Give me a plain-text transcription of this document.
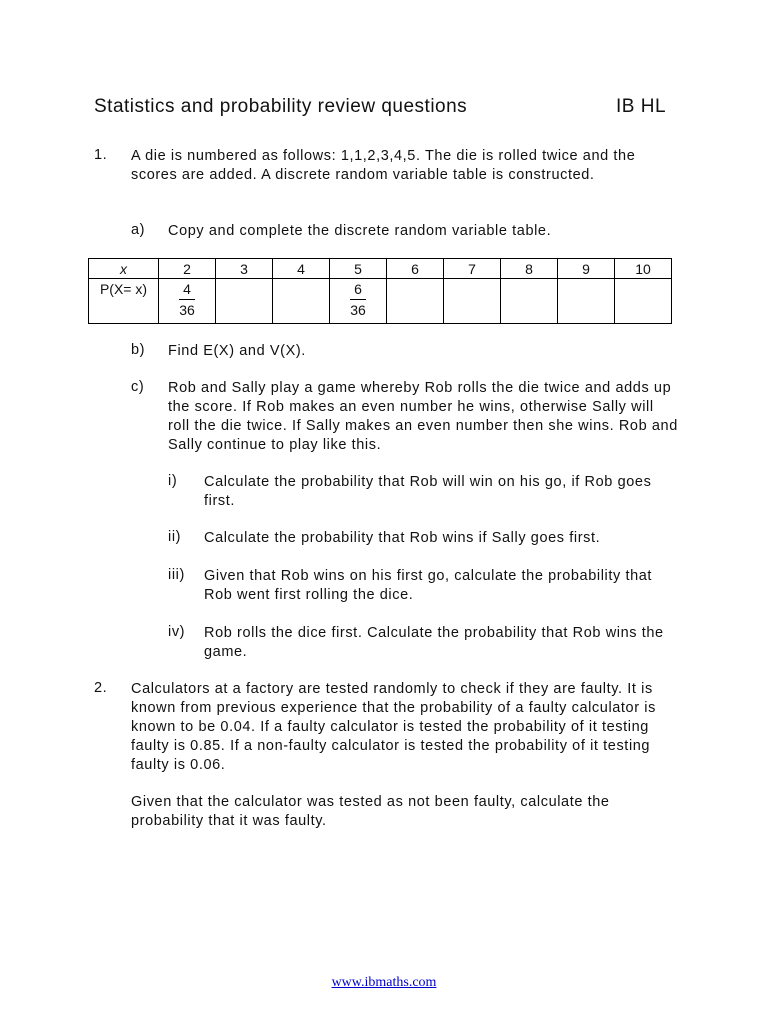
Statistics and probability review questions	IB HL
1. A die is numbered as follows: 1,1,2,3,4,5. The die is rolled twice and the scores are added. A discrete random variable table is constructed.
a) Copy and complete the discrete random variable table.
x	2	3	4	5	6	7	8	9	10
P(X= x)	$\frac{4}{36}$			$\frac{6}{36}$

b) Find E(X) and V(X).
c) Rob and Sally play a game whereby Rob rolls the die twice and adds up the score. If Rob makes an even number he wins, otherwise Sally will roll the die twice. If Sally makes an even number then she wins. Rob and Sally continue to play like this.
i) Calculate the probability that Rob will win on his go, if Rob goes first.
ii) Calculate the probability that Rob wins if Sally goes first.
iii) Given that Rob wins on his first go, calculate the probability that Rob went first rolling the dice.
iv) Rob rolls the dice first. Calculate the probability that Rob wins the game.
2. Calculators at a factory are tested randomly to check if they are faulty. It is known from previous experience that the probability of a faulty calculator is known to be 0.04. If a faulty calculator is tested the probability of it testing faulty is 0.85. If a non-faulty calculator is tested the probability of it testing faulty is 0.06.
Given that the calculator was tested as not been faulty, calculate the probability that it was faulty.
www.ibmaths.com
